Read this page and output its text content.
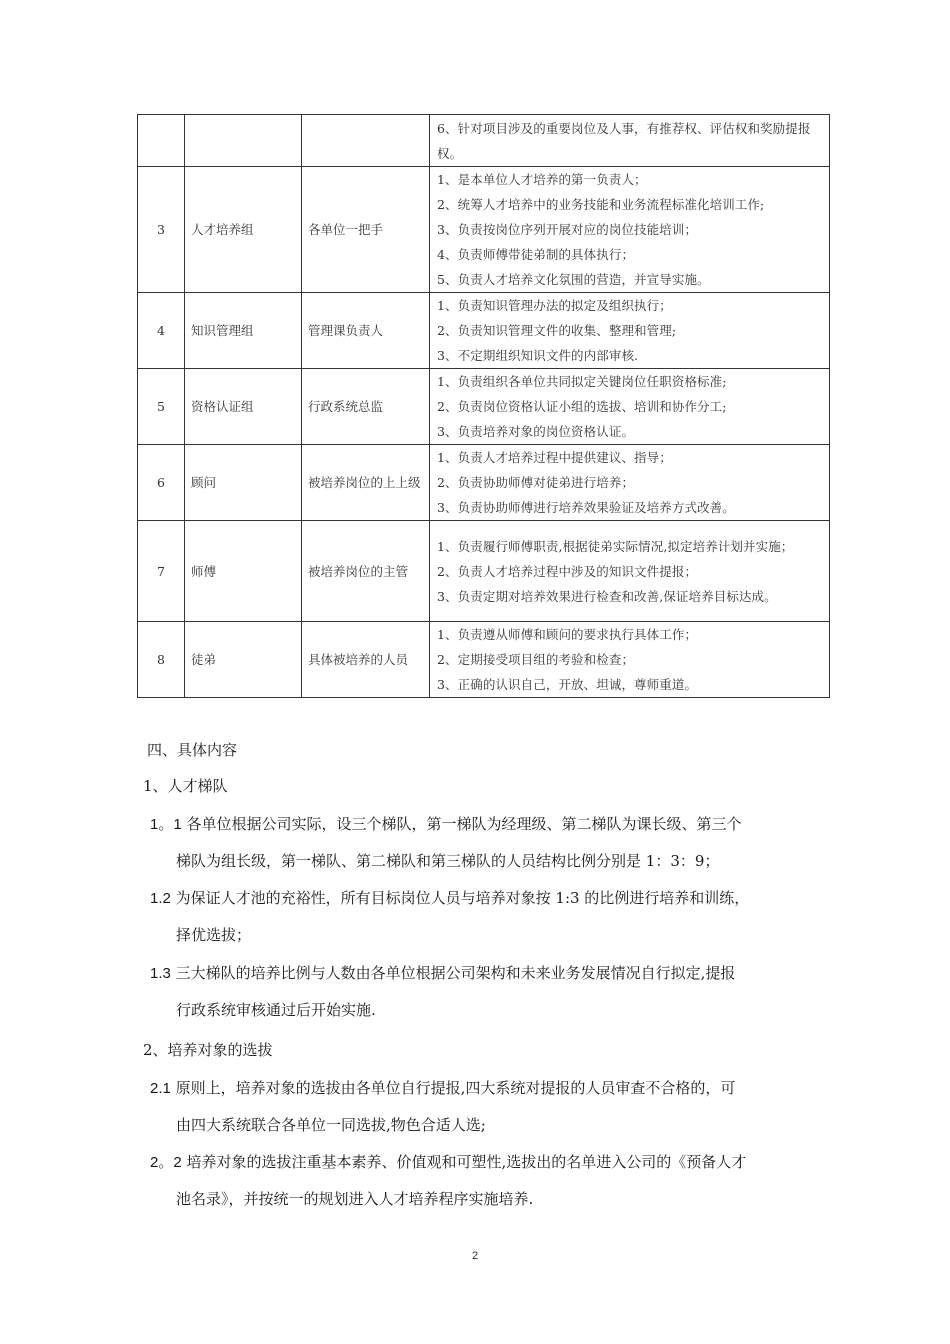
			6、针对项目涉及的重要岗位及人事，有推荐权、评估权和奖励提报权。

3	人才培养组	各单位一把手	1、是本单位人才培养的第一负责人；
2、统筹人才培养中的业务技能和业务流程标准化培训工作;
3、负责按岗位序列开展对应的岗位技能培训；
4、负责师傅带徒弟制的具体执行；
5、负责人才培养文化氛围的营造，并宣导实施。

4	知识管理组	管理课负责人	1、负责知识管理办法的拟定及组织执行；
2、负责知识管理文件的收集、整理和管理;
3、不定期组织知识文件的内部审核.

5	资格认证组	行政系统总监	1、负责组织各单位共同拟定关键岗位任职资格标准;
2、负责岗位资格认证小组的选拔、培训和协作分工;
3、负责培养对象的岗位资格认证。

6	顾问	被培养岗位的上上级	1、负责人才培养过程中提供建议、指导；
2、负责协助师傅对徒弟进行培养；
3、负责协助师傅进行培养效果验证及培养方式改善。

7	师傅	被培养岗位的主管	1、负责履行师傅职责,根据徒弟实际情况,拟定培养计划并实施；
2、负责人才培养过程中涉及的知识文件提报；
3、负责定期对培养效果进行检查和改善,保证培养目标达成。

8	徒弟	具体被培养的人员	1、负责遵从师傅和顾问的要求执行具体工作；
2、定期接受项目组的考验和检查；
3、正确的认识自己，开放、坦诚，尊师重道。
四、具体内容
1、人才梯队
1。1 各单位根据公司实际，设三个梯队，第一梯队为经理级、第二梯队为课长级、第三个
梯队为组长级，第一梯队、第二梯队和第三梯队的人员结构比例分别是 1：3：9；
1.2 为保证人才池的充裕性，所有目标岗位人员与培养对象按 1:3 的比例进行培养和训练，
择优选拔；
1.3 三大梯队的培养比例与人数由各单位根据公司架构和未来业务发展情况自行拟定,提报
行政系统审核通过后开始实施.
2、培养对象的选拔
2.1 原则上，培养对象的选拔由各单位自行提报,四大系统对提报的人员审查不合格的，可
由四大系统联合各单位一同选拔,物色合适人选;
2。2 培养对象的选拔注重基本素养、价值观和可塑性,选拔出的名单进入公司的《预备人才
池名录》，并按统一的规划进入人才培养程序实施培养.
2
